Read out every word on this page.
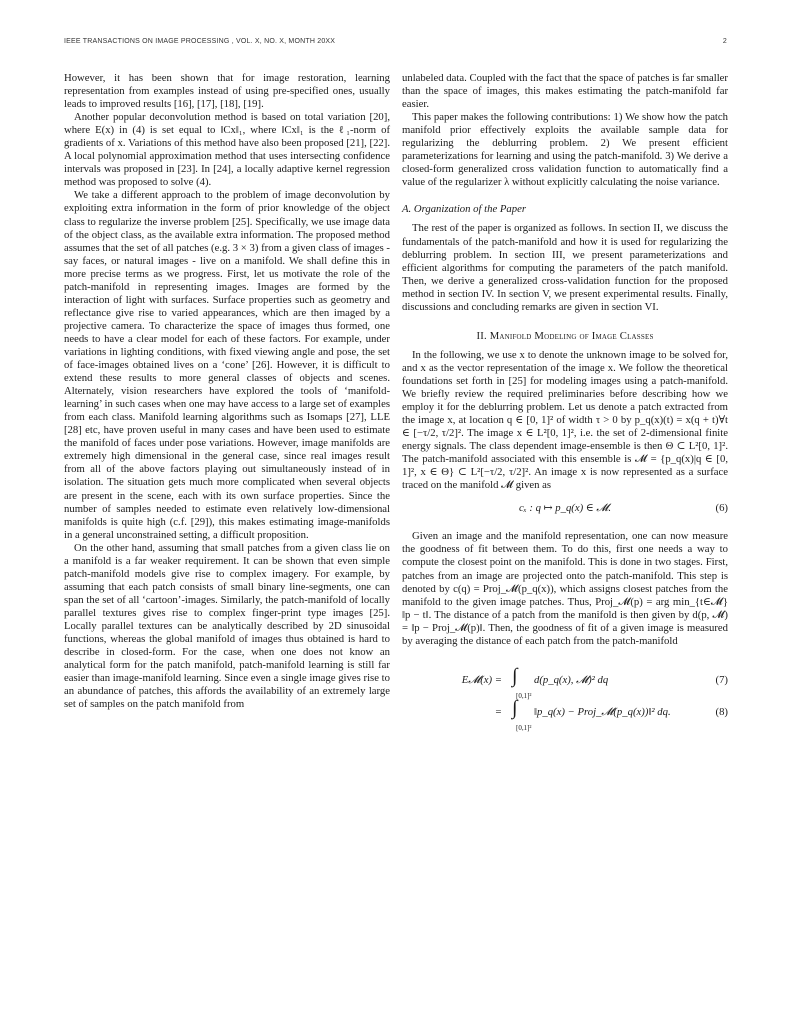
IEEE TRANSACTIONS ON IMAGE PROCESSING , VOL. X, NO. X, MONTH 20XX	2

However, it has been shown that for image restoration, learning representation from examples instead of using pre-specified ones, usually leads to improved results [16], [17], [18], [19].

Another popular deconvolution method is based on total variation [20], where E(x) in (4) is set equal to ‖Cx‖₁, where ‖Cx‖₁ is the ℓ₁-norm of gradients of x. Variations of this method have also been proposed [21], [22]. A local polynomial approximation method that uses intersecting confidence intervals was proposed in [23]. In [24], a locally adaptive kernel regression method was proposed to solve (4).

We take a different approach to the problem of image deconvolution by exploiting extra information in the form of prior knowledge of the object class to regularize the inverse problem [25]. Specifically, we use image data of the object class, as the available extra information. The proposed method assumes that the set of all patches (e.g. 3 × 3) from a given class of images - say faces, or natural images - live on a manifold. We shall define this in more precise terms as we progress. First, let us motivate the role of the patch-manifold in representing images. Images are formed by the interaction of light with surfaces. Surface properties such as geometry and reflectance give rise to varied appearances, which are then imaged by a projective camera. To characterize the space of images thus formed, one needs to have a clear model for each of these factors. For example, under variations in lighting conditions, with fixed viewing angle and pose, the set of face-images obtained lives on a ‘cone’ [26]. However, it is difficult to extend these results to more general classes of objects and scenes. Alternately, vision researchers have explored the tools of ‘manifold-learning’ in such cases when one may have access to a large set of examples from each class. Manifold learning algorithms such as Isomaps [27], LLE [28] etc, have proven useful in many cases and have been used to estimate the manifold of faces under pose variations. However, image manifolds are extremely high dimensional in the general case, since real images result from all of the above factors playing out simultaneously instead of in isolation. The situation gets much more complicated when several objects are present in the scene, each with its own surface properties. Since the number of samples needed to estimate even relatively low-dimensional manifolds is quite high (c.f. [29]), this makes estimating image-manifolds in a general unconstrained setting, a difficult proposition.

On the other hand, assuming that small patches from a given class lie on a manifold is a far weaker requirement. It can be shown that even simple patch-manifold models give rise to complex imagery. For example, by assuming that each patch consists of small binary line-segments, one can span the set of all ‘cartoon’-images. Similarly, the patch-manifold of locally parallel textures gives rise to complex finger-print type images [25]. Locally parallel textures can be analytically described by 2D sinusoidal functions, whereas the global manifold of images thus obtained is hard to describe in closed-form. For the case, when one does not know an analytical form for the patch manifold, patch-manifold learning is still far easier than image-manifold learning. Since even a single image gives rise to an abundance of patches, this affords the availability of an extremely large set of samples on the patch manifold from

unlabeled data. Coupled with the fact that the space of patches is far smaller than the space of images, this makes estimating the patch-manifold far easier.

This paper makes the following contributions: 1) We show how the patch manifold prior effectively exploits the available sample data for regularizing the deblurring problem. 2) We present efficient parameterizations for learning and using the patch-manifold. 3) We derive a closed-form generalized cross validation function to automatically find a value of the regularizer λ without explicitly calculating the noise variance.

A. Organization of the Paper

The rest of the paper is organized as follows. In section II, we discuss the fundamentals of the patch-manifold and how it is used for regularizing the deblurring problem. In section III, we present parameterizations and efficient algorithms for computing the parameters of the patch manifold. Then, we derive a generalized cross-validation function for the proposed method in section IV. In section V, we present experimental results. Finally, discussions and concluding remarks are given in section VI.

II. Manifold Modeling of Image Classes

In the following, we use x to denote the unknown image to be solved for, and x as the vector representation of the image x. We follow the theoretical foundations set forth in [25] for modeling images using a patch-manifold. We briefly review the required preliminaries before describing how we employ it for the deblurring problem. Let us denote a patch extracted from the image x, at location q ∈ [0, 1]² of width τ > 0 by p_q(x)(t) = x(q + t)∀t ∈ [−τ/2, τ/2]². The image x ∈ L²[0, 1]², i.e. the set of 2-dimensional finite energy signals. The class dependent image-ensemble is then Θ ⊂ L²[0, 1]². The patch-manifold associated with this ensemble is 𝓜 = {p_q(x)|q ∈ [0, 1]², x ∈ Θ} ⊂ L²[−τ/2, τ/2]². An image x is now represented as a surface traced on the manifold 𝓜 given as

cₓ : q ↦ p_q(x) ∈ 𝓜.	(6)

Given an image and the manifold representation, one can now measure the goodness of fit between them. To do this, first one needs a way to compute the closest point on the manifold. This is done in two stages. First, patches from an image are projected onto the patch-manifold. This step is denoted by c(q) = Proj_𝓜(p_q(x)), which assigns closest patches from the manifold to the given image patches. Thus, Proj_𝓜(p) = arg min_{t∈𝓜} ‖p − t‖. The distance of a patch from the manifold is then given by d(p, 𝓜) = ‖p − Proj_𝓜(p)‖. Then, the goodness of fit of a given image is measured by averaging the distance of each patch from the patch-manifold

E𝓜(x) = ∫
[0,1]²
d(p_q(x), 𝓜)² dq	(7)
= ∫
[0,1]²
‖p_q(x) − Proj_𝓜(p_q(x))‖² dq.	(8)
